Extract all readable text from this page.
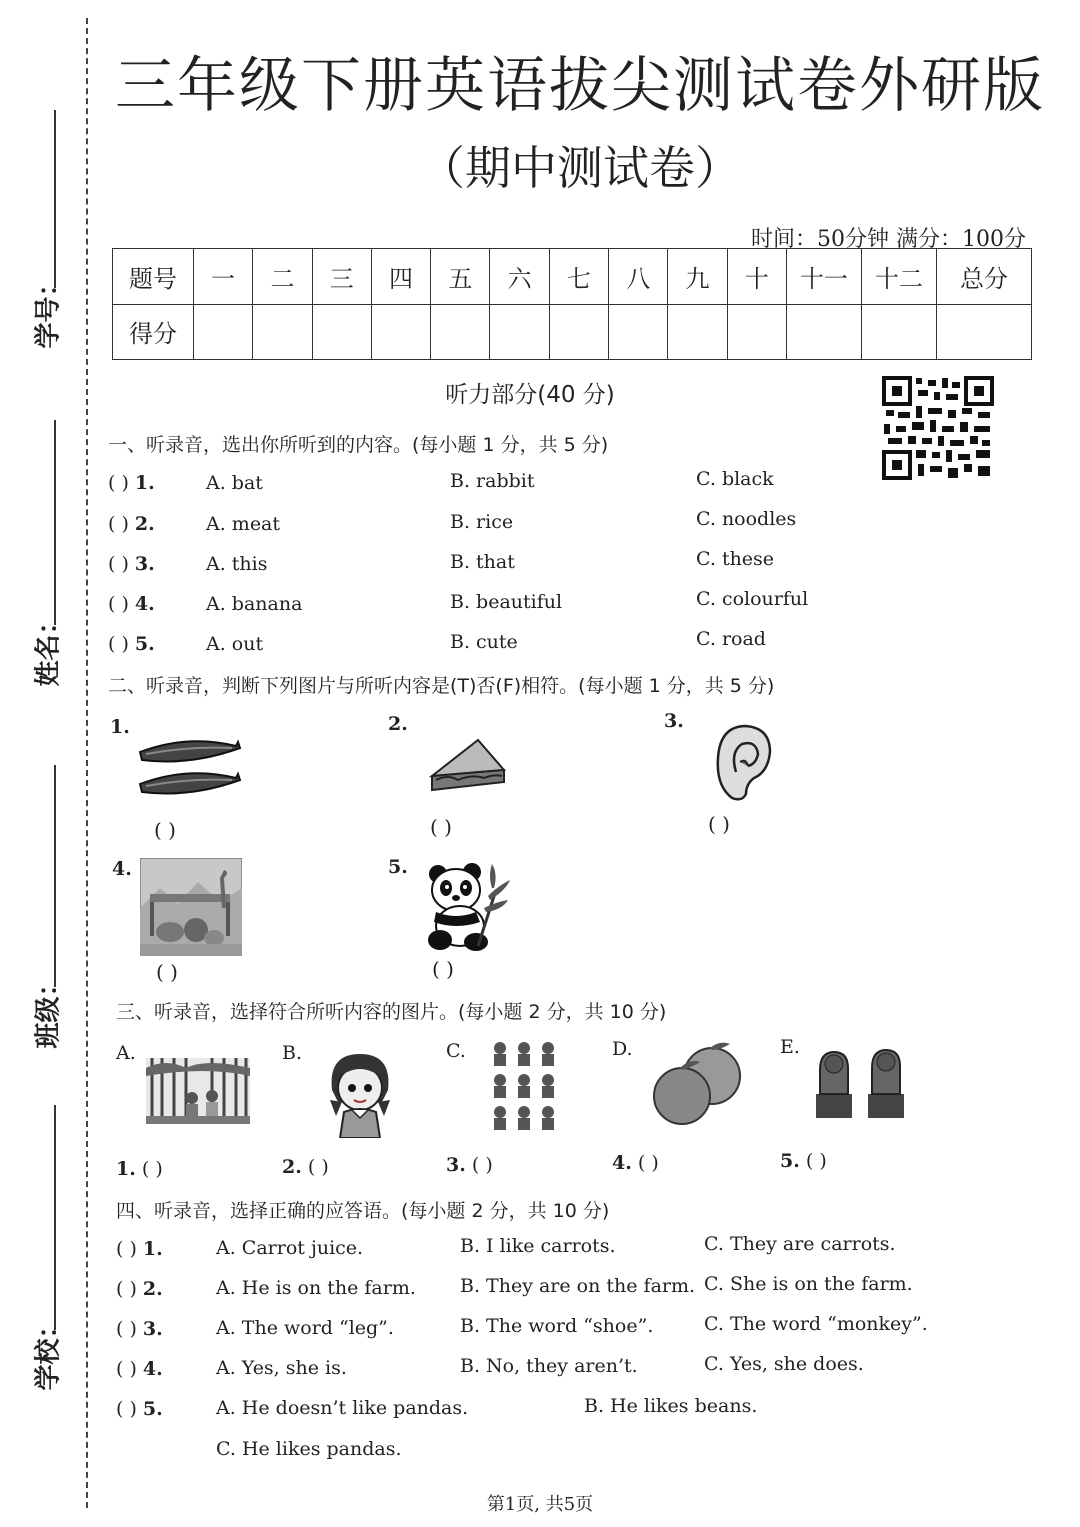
学号：
姓名：
班级：
学校：
三年级下册英语拔尖测试卷外研版
（期中测试卷）
时间：50分钟 满分：100分
题号	一	二	三	四	五	六	七	八	九	十	十一	十二	总分
得分													
听力部分(40 分)
一、听录音，选出你所听到的内容。(每小题 1 分，共 5 分)
( ) 1.	A. bat	B. rabbit	C. black
( ) 2.	A. meat	B. rice	C. noodles
( ) 3.	A. this	B. that	C. these
( ) 4.	A. banana	B. beautiful	C. colourful
( ) 5.	A. out	B. cute	C. road
二、听录音，判断下列图片与所听内容是(T)否(F)相符。(每小题 1 分，共 5 分)
1.
( )
2.
( )
3.
( )
4.
( )
5.
( )
三、听录音，选择符合所听内容的图片。(每小题 2 分，共 10 分)
A.	B.	C.	D.	E.
1. ( )	2. ( )	3. ( )	4. ( )	5. ( )
四、听录音，选择正确的应答语。(每小题 2 分，共 10 分)
( ) 1.	A. Carrot juice.	B. I like carrots.	C. They are carrots.
( ) 2.	A. He is on the farm. B. They are on the farm. C. She is on the farm.
( ) 3.	A. The word “leg”.	B. The word “shoe”.	C. The word “monkey”.
( ) 4.	A. Yes, she is.	B. No, they aren’t.	C. Yes, she does.
( ) 5.	A. He doesn’t like pandas.	B. He likes beans.
C. He likes pandas.
第1页, 共5页
